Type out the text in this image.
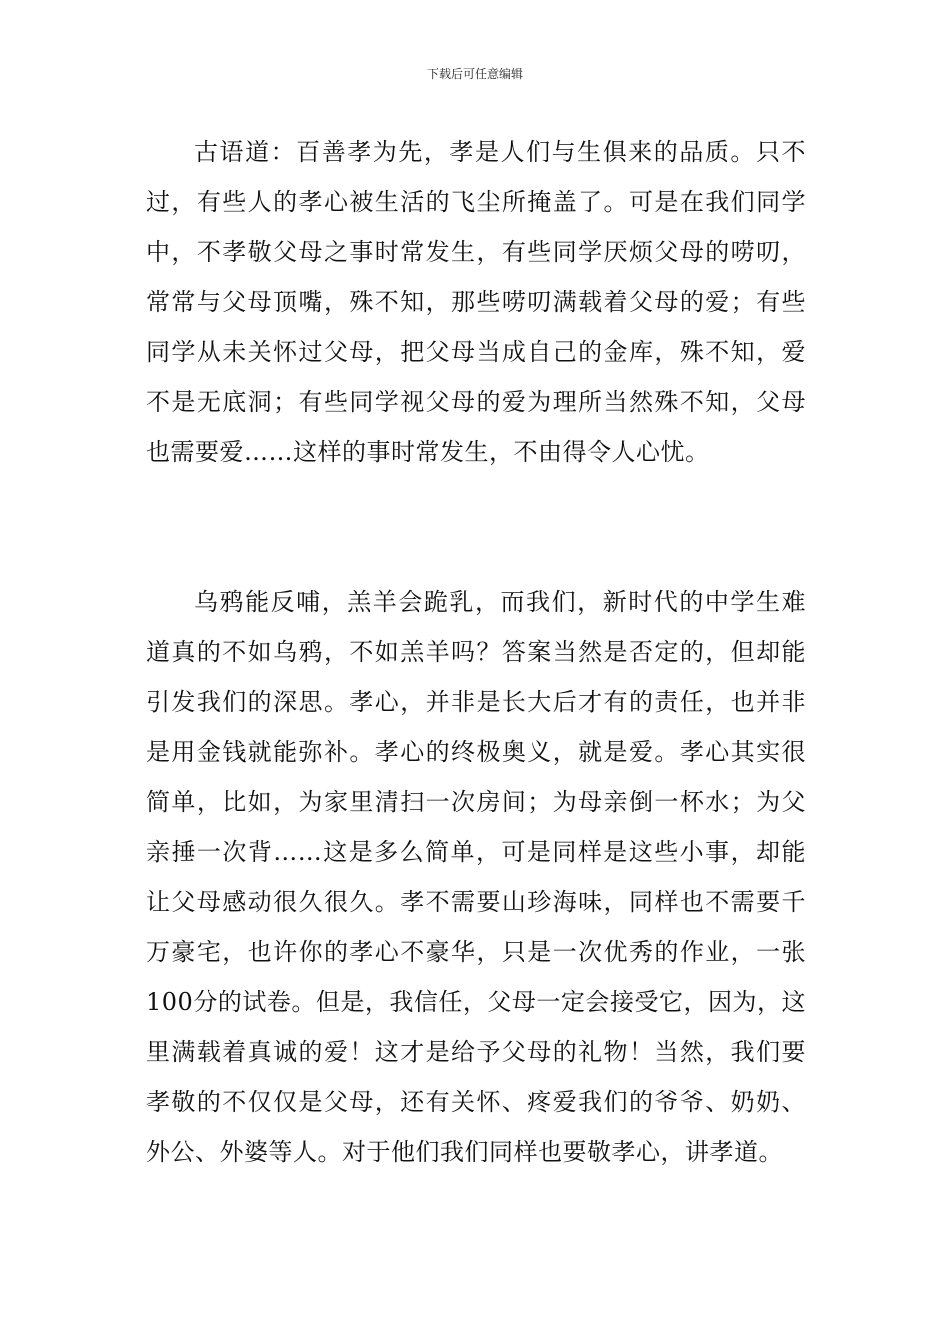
下载后可任意编辑

古语道：百善孝为先，孝是人们与生俱来的品质。只不过，有些人的孝心被生活的飞尘所掩盖了。可是在我们同学中，不孝敬父母之事时常发生，有些同学厌烦父母的唠叨，常常与父母顶嘴，殊不知，那些唠叨满载着父母的爱；有些同学从未关怀过父母，把父母当成自己的金库，殊不知，爱不是无底洞；有些同学视父母的爱为理所当然殊不知，父母也需要爱……这样的事时常发生，不由得令人心忧。

乌鸦能反哺，羔羊会跪乳，而我们，新时代的中学生难道真的不如乌鸦，不如羔羊吗？答案当然是否定的，但却能引发我们的深思。孝心，并非是长大后才有的责任，也并非是用金钱就能弥补。孝心的终极奥义，就是爱。孝心其实很简单，比如，为家里清扫一次房间；为母亲倒一杯水；为父亲捶一次背……这是多么简单，可是同样是这些小事，却能让父母感动很久很久。孝不需要山珍海味，同样也不需要千万豪宅，也许你的孝心不豪华，只是一次优秀的作业，一张100分的试卷。但是，我信任，父母一定会接受它，因为，这里满载着真诚的爱！这才是给予父母的礼物！当然，我们要孝敬的不仅仅是父母，还有关怀、疼爱我们的爷爷、奶奶、外公、外婆等人。对于他们我们同样也要敬孝心，讲孝道。
